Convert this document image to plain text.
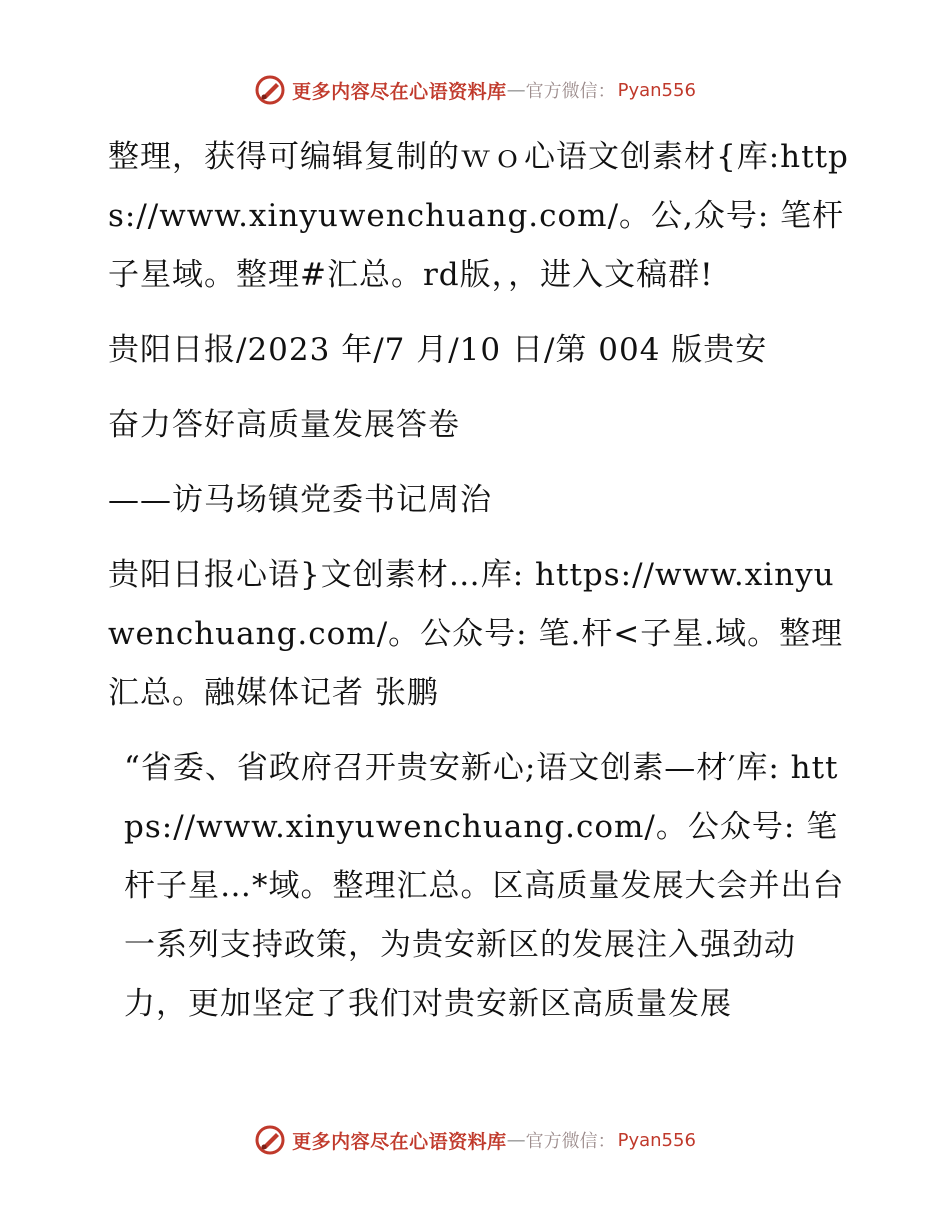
更多内容尽在心语资料库 — 官方微信： Pyan556

整理，获得可编辑复制的ｗｏ心语文创素材{库:https://www.xinyuwenchuang.com/。公,众号: 笔杆子星域。整理#汇总。rd版，，进入文稿群!

贵阳日报/2023 年/7 月/10 日/第 004 版贵安

奋力答好高质量发展答卷

——访马场镇党委书记周治

贵阳日报心语}文创素材…库: https://www.xinyuwenchuang.com/。公众号: 笔.杆<子星.域。整理汇总。融媒体记者 张鹏

“省委、省政府召开贵安新心;语文创素—材′库: https://www.xinyuwenchuang.com/。公众号: 笔杆子星…*域。整理汇总。区高质量发展大会并出台一系列支持政策，为贵安新区的发展注入强劲动力，更加坚定了我们对贵安新区高质量发展

更多内容尽在心语资料库 — 官方微信： Pyan556
